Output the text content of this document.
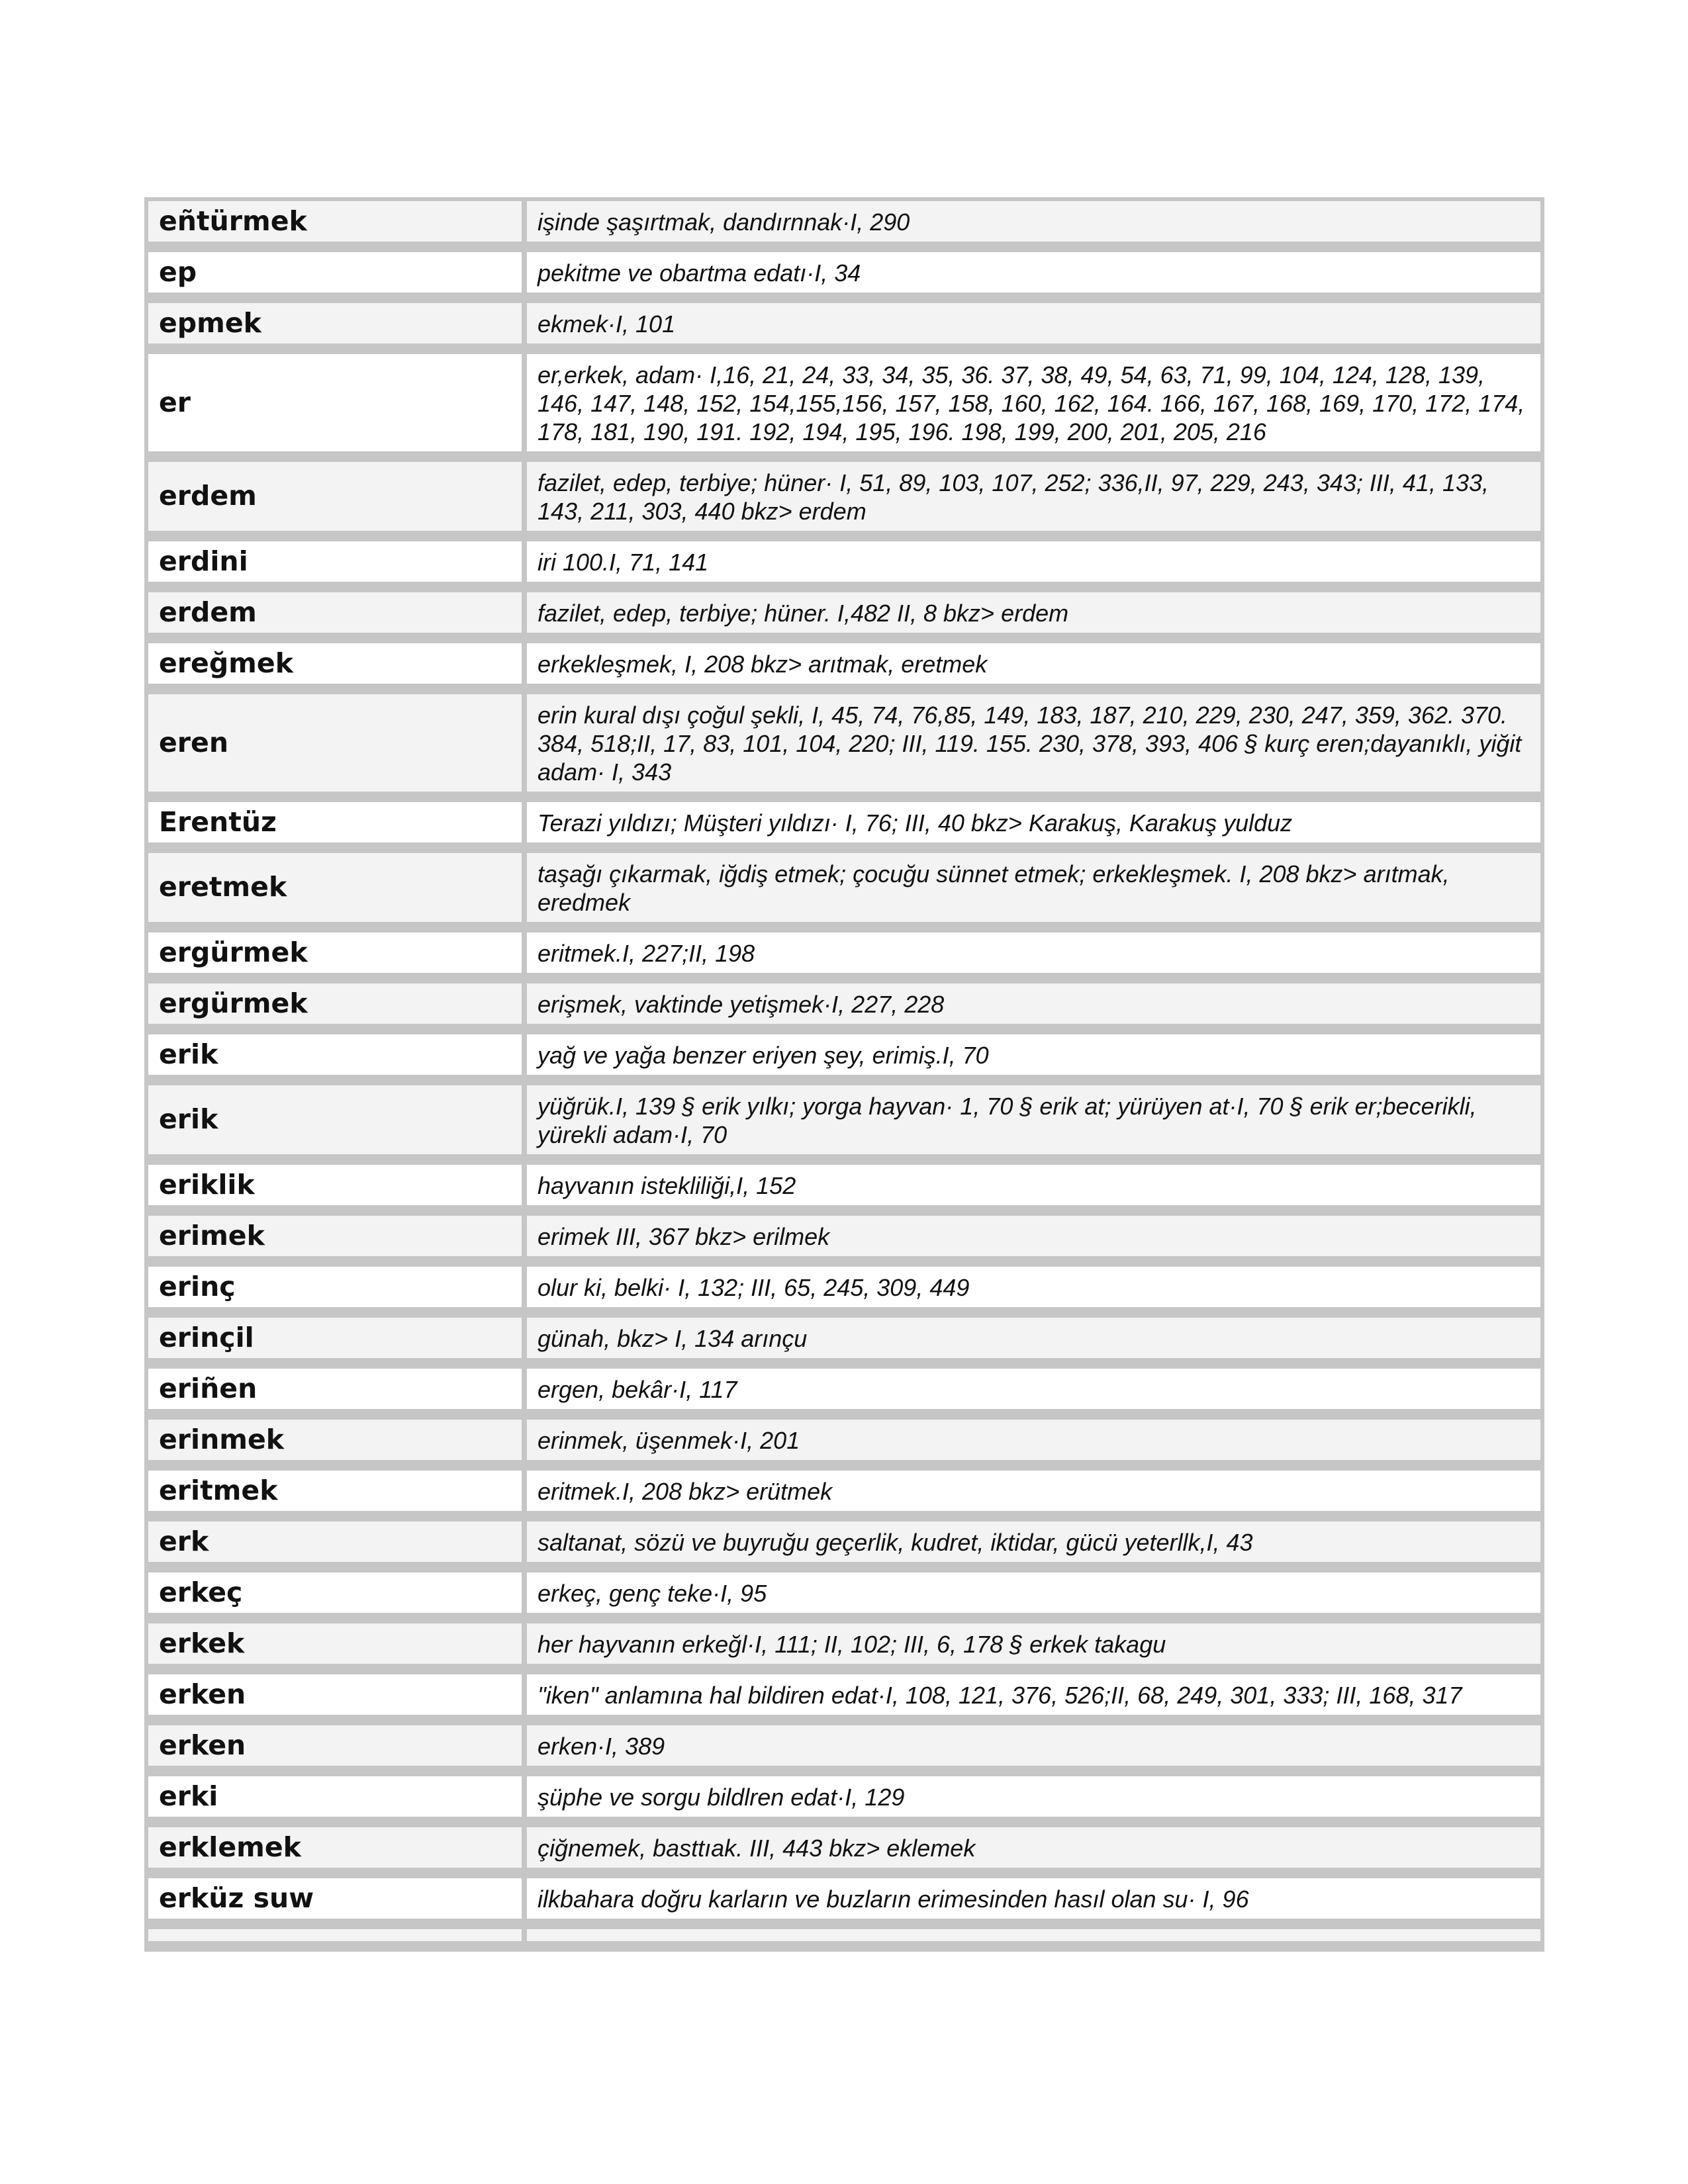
eñtürmek	işinde şaşırtmak, dandırnnak·I, 290
ep	pekitme ve obartma edatı·I, 34
epmek	ekmek·I, 101
er	er,erkek, adam· I,16, 21, 24, 33, 34, 35, 36. 37, 38, 49, 54, 63, 71, 99, 104, 124, 128, 139, 146, 147, 148, 152, 154,155,156, 157, 158, 160, 162, 164. 166, 167, 168, 169, 170, 172, 174, 178, 181, 190, 191. 192, 194, 195, 196. 198, 199, 200, 201, 205, 216
erdem	fazilet, edep, terbiye; hüner· I, 51, 89, 103, 107, 252; 336,II, 97, 229, 243, 343; III, 41, 133, 143, 211, 303, 440 bkz> erdem
erdini	iri 100.I, 71, 141
erdem	fazilet, edep, terbiye; hüner. I,482 II, 8 bkz> erdem
ereğmek	erkekleşmek, I, 208 bkz> arıtmak, eretmek
eren	erin kural dışı çoğul şekli, I, 45, 74, 76,85, 149, 183, 187, 210, 229, 230, 247, 359, 362. 370. 384, 518;II, 17, 83, 101, 104, 220; III, 119. 155. 230, 378, 393, 406 § kurç eren;dayanıklı, yiğit adam· I, 343
Erentüz	Terazi yıldızı; Müşteri yıldızı· I, 76; III, 40 bkz> Karakuş, Karakuş yulduz
eretmek	taşağı çıkarmak, iğdiş etmek; çocuğu sünnet etmek; erkekleşmek. I, 208 bkz> arıtmak, eredmek
ergürmek	eritmek.I, 227;II, 198
ergürmek	erişmek, vaktinde yetişmek·I, 227, 228
erik	yağ ve yağa benzer eriyen şey, erimiş.I, 70
erik	yüğrük.I, 139 § erik yılkı; yorga hayvan· 1, 70 § erik at; yürüyen at·I, 70 § erik er;becerikli, yürekli adam·I, 70
eriklik	hayvanın istekliliği,I, 152
erimek	erimek III, 367 bkz> erilmek
erinç	olur ki, belki· I, 132; III, 65, 245, 309, 449
erinçil	günah, bkz> I, 134 arınçu
eriñen	ergen, bekâr·I, 117
erinmek	erinmek, üşenmek·I, 201
eritmek	eritmek.I, 208 bkz> erütmek
erk	saltanat, sözü ve buyruğu geçerlik, kudret, iktidar, gücü yeterllk,I, 43
erkeç	erkeç, genç teke·I, 95
erkek	her hayvanın erkeğl·I, 111; II, 102; III, 6, 178 § erkek takagu
erken	"iken" anlamına hal bildiren edat·I, 108, 121, 376, 526;II, 68, 249, 301, 333; III, 168, 317
erken	erken·I, 389
erki	şüphe ve sorgu bildlren edat·I, 129
erklemek	çiğnemek, basttıak. III, 443 bkz> eklemek
erküz suw	ilkbahara doğru karların ve buzların erimesinden hasıl olan su· I, 96
